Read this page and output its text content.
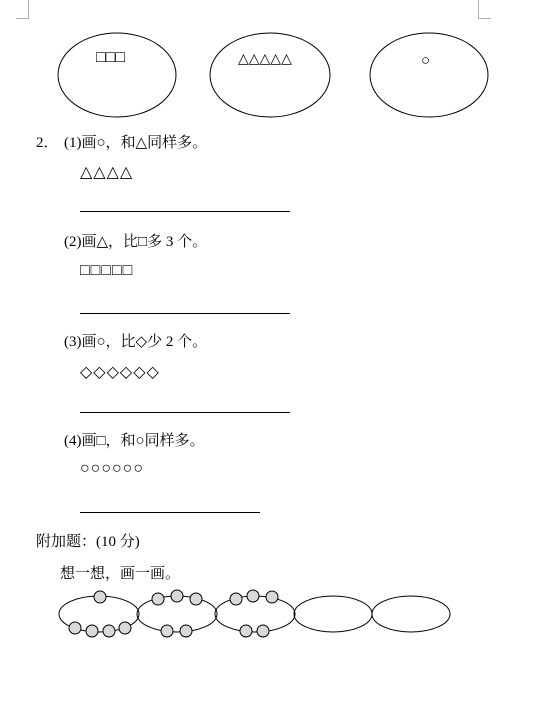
□□□	△△△△△	○
2． (1)画○，和△同样多。
△△△△
(2)画△，比□多 3 个。
□□□□□
(3)画○，比◇少 2 个。
◇◇◇◇◇◇
(4)画□，和○同样多。
○○○○○○
附加题：(10 分)
想一想，画一画。
